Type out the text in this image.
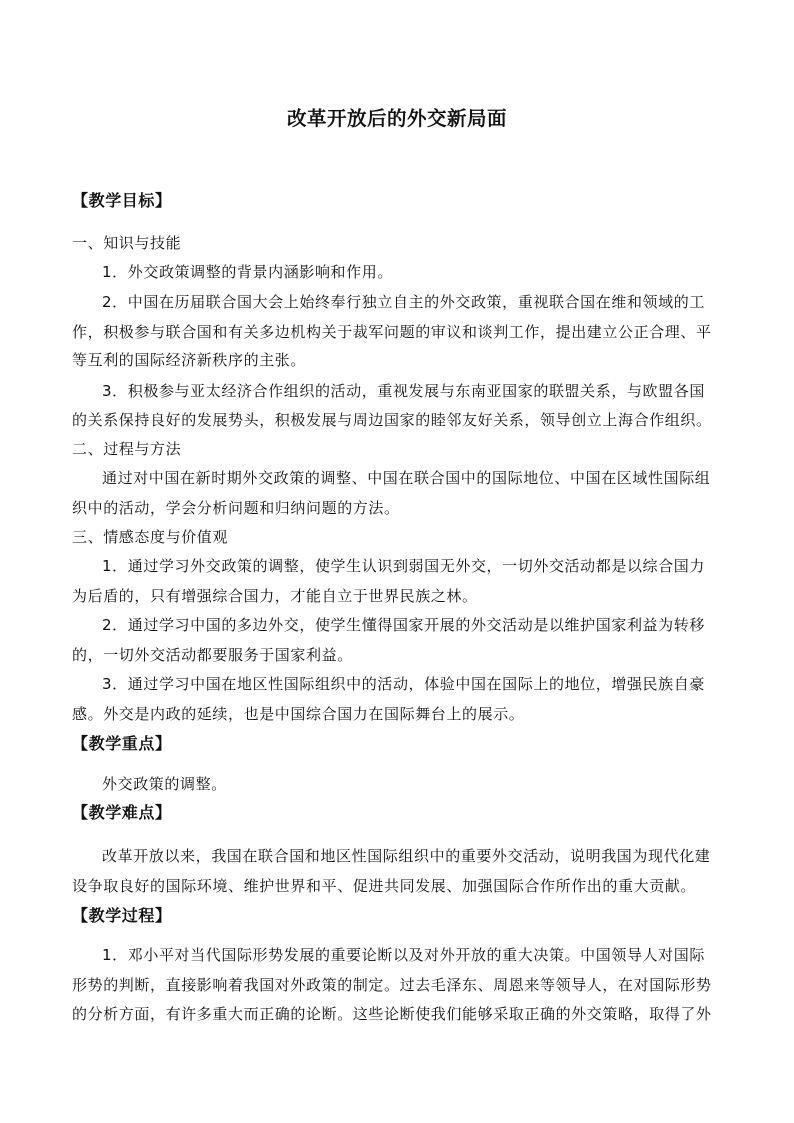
改革开放后的外交新局面
【教学目标】
一、知识与技能
1．外交政策调整的背景内涵影响和作用。
2．中国在历届联合国大会上始终奉行独立自主的外交政策，重视联合国在维和领域的工
作，积极参与联合国和有关多边机构关于裁军问题的审议和谈判工作，提出建立公正合理、平
等互利的国际经济新秩序的主张。
3．积极参与亚太经济合作组织的活动，重视发展与东南亚国家的联盟关系，与欧盟各国
的关系保持良好的发展势头，积极发展与周边国家的睦邻友好关系，领导创立上海合作组织。
二、过程与方法
通过对中国在新时期外交政策的调整、中国在联合国中的国际地位、中国在区域性国际组
织中的活动，学会分析问题和归纳问题的方法。
三、情感态度与价值观
1．通过学习外交政策的调整，使学生认识到弱国无外交，一切外交活动都是以综合国力
为后盾的，只有增强综合国力，才能自立于世界民族之林。
2．通过学习中国的多边外交，使学生懂得国家开展的外交活动是以维护国家利益为转移
的，一切外交活动都要服务于国家利益。
3．通过学习中国在地区性国际组织中的活动，体验中国在国际上的地位，增强民族自豪
感。外交是内政的延续，也是中国综合国力在国际舞台上的展示。
【教学重点】
外交政策的调整。
【教学难点】
改革开放以来，我国在联合国和地区性国际组织中的重要外交活动，说明我国为现代化建
设争取良好的国际环境、维护世界和平、促进共同发展、加强国际合作所作出的重大贡献。
【教学过程】
1．邓小平对当代国际形势发展的重要论断以及对外开放的重大决策。中国领导人对国际
形势的判断，直接影响着我国对外政策的制定。过去毛泽东、周恩来等领导人，在对国际形势
的分析方面，有许多重大而正确的论断。这些论断使我们能够采取正确的外交策略，取得了外
